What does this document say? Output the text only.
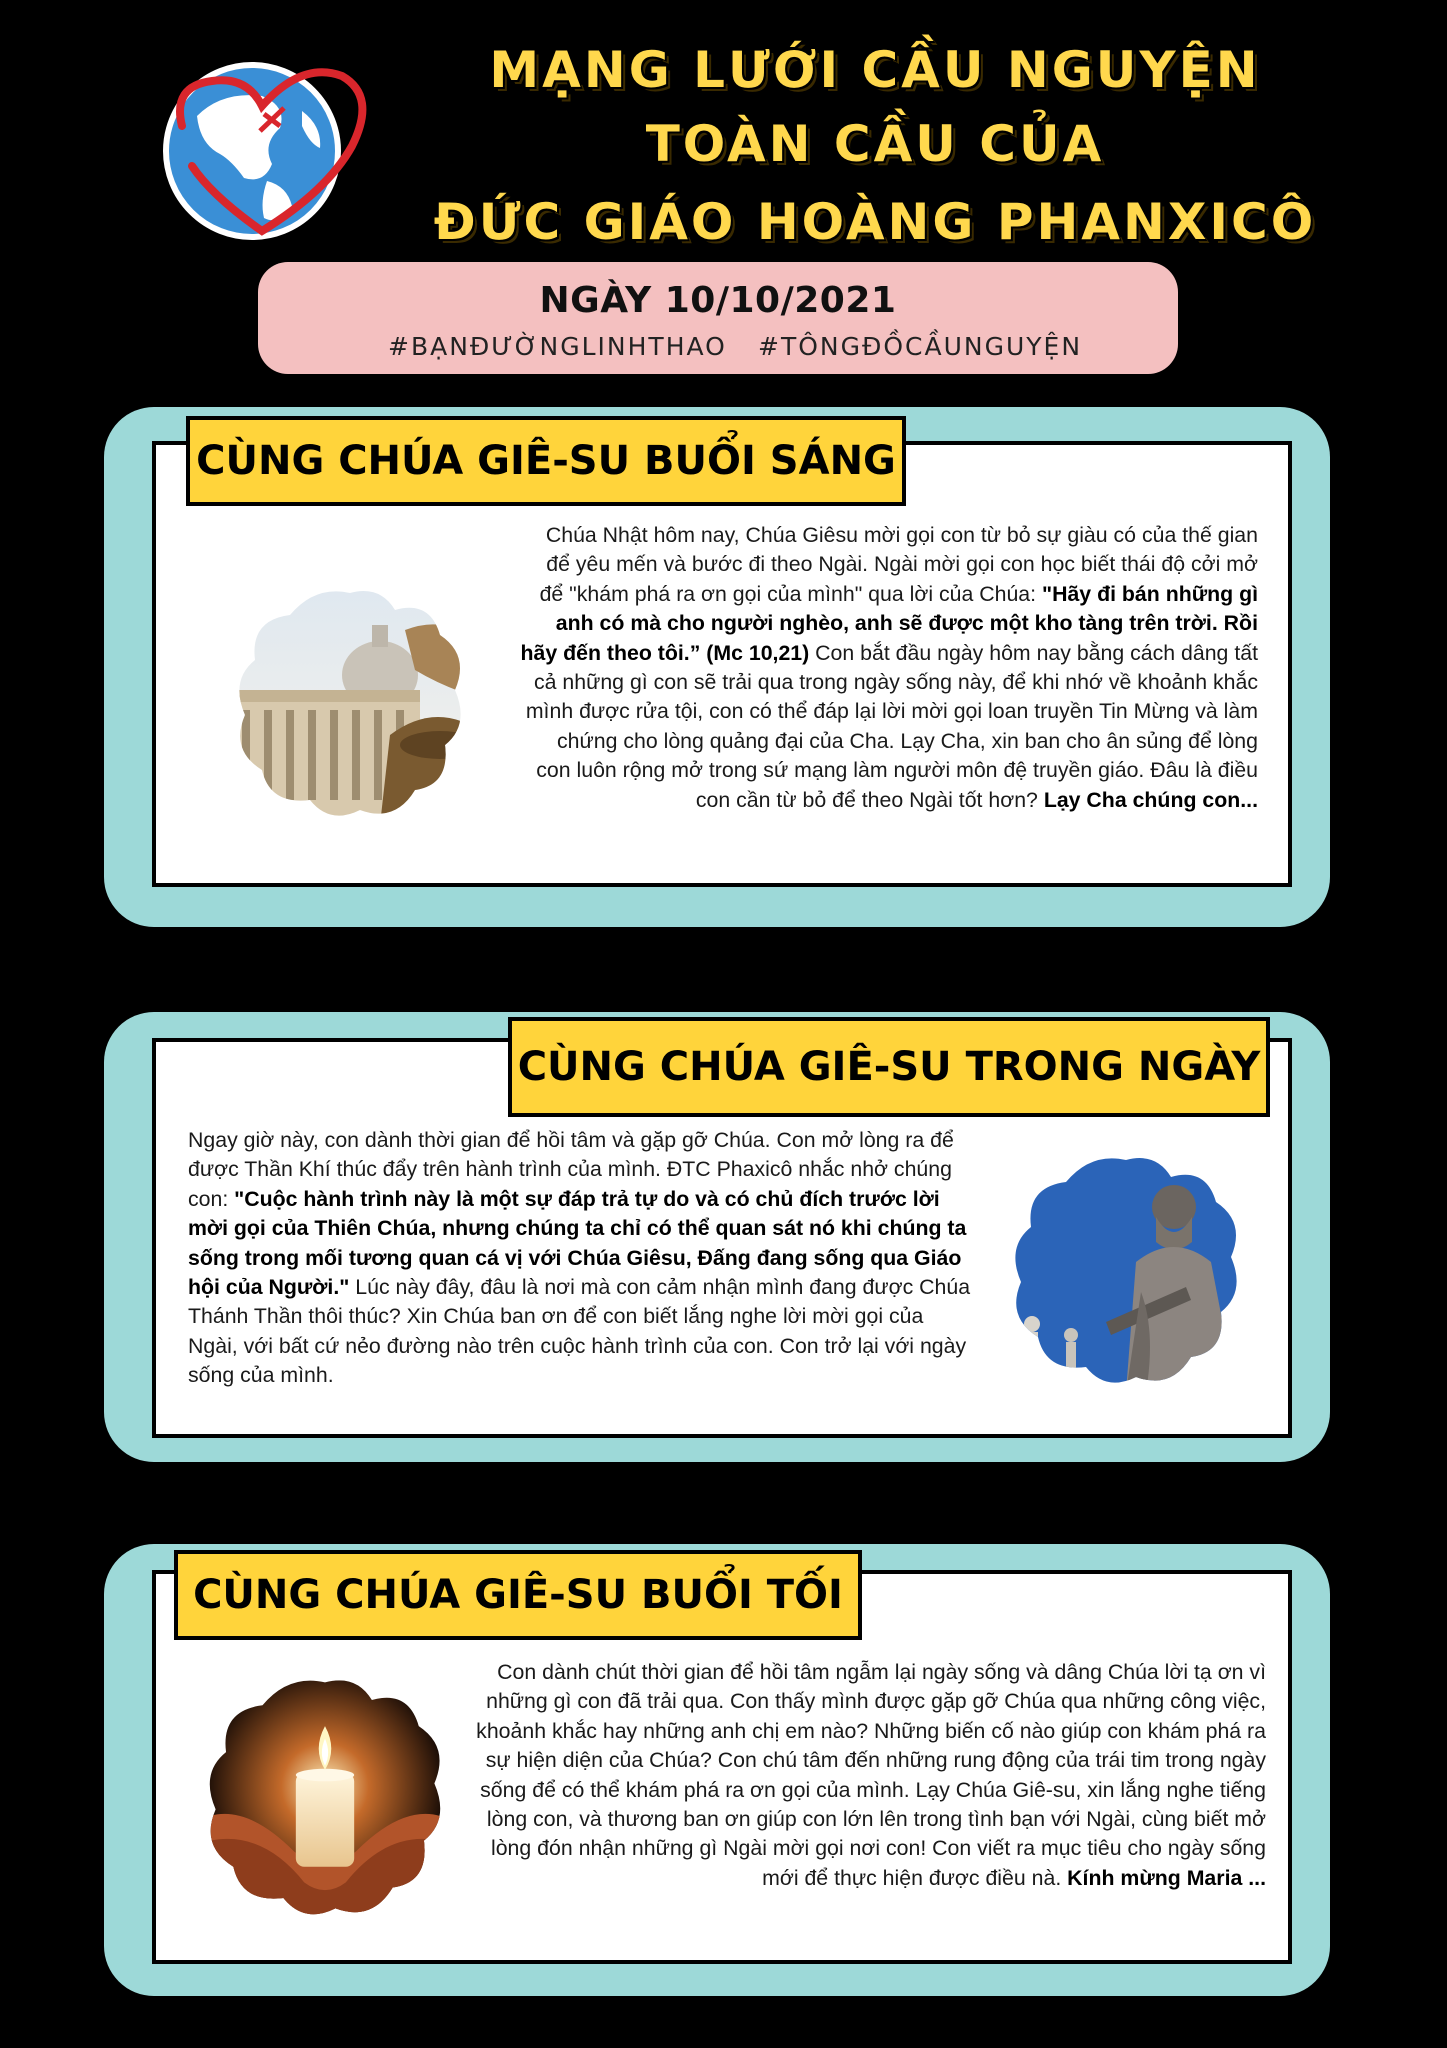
MẠNG LƯỚI CẦU NGUYỆN
TOÀN CẦU CỦA
ĐỨC GIÁO HOÀNG PHANXICÔ
NGÀY 10/10/2021
#BẠNĐƯỜNGLINHTHAO #TÔNGĐỒCẦUNGUYỆN
Chúa Nhật hôm nay, Chúa Giêsu mời gọi con từ bỏ sự giàu có của thế gian để yêu mến và bước đi theo Ngài. Ngài mời gọi con học biết thái độ cởi mở để "khám phá ra ơn gọi của mình" qua lời của Chúa: "Hãy đi bán những gì anh có mà cho người nghèo, anh sẽ được một kho tàng trên trời. Rồi hãy đến theo tôi.” (Mc 10,21) Con bắt đầu ngày hôm nay bằng cách dâng tất cả những gì con sẽ trải qua trong ngày sống này, để khi nhớ về khoảnh khắc mình được rửa tội, con có thể đáp lại lời mời gọi loan truyền Tin Mừng và làm chứng cho lòng quảng đại của Cha. Lạy Cha, xin ban cho ân sủng để lòng con luôn rộng mở trong sứ mạng làm người môn đệ truyền giáo. Đâu là điều con cần từ bỏ để theo Ngài tốt hơn? Lạy Cha chúng con...
CÙNG CHÚA GIÊ-SU BUỔI SÁNG
Ngay giờ này, con dành thời gian để hồi tâm và gặp gỡ Chúa. Con mở lòng ra để được Thần Khí thúc đẩy trên hành trình của mình. ĐTC Phaxicô nhắc nhở chúng con: "Cuộc hành trình này là một sự đáp trả tự do và có chủ đích trước lời mời gọi của Thiên Chúa, nhưng chúng ta chỉ có thể quan sát nó khi chúng ta sống trong mối tương quan cá vị với Chúa Giêsu, Đấng đang sống qua Giáo hội của Người." Lúc này đây, đâu là nơi mà con cảm nhận mình đang được Chúa Thánh Thần thôi thúc? Xin Chúa ban ơn để con biết lắng nghe lời mời gọi của Ngài, với bất cứ nẻo đường nào trên cuộc hành trình của con. Con trở lại với ngày sống của mình.
CÙNG CHÚA GIÊ-SU TRONG NGÀY
Con dành chút thời gian để hồi tâm ngẫm lại ngày sống và dâng Chúa lời tạ ơn vì những gì con đã trải qua. Con thấy mình được gặp gỡ Chúa qua những công việc, khoảnh khắc hay những anh chị em nào? Những biến cố nào giúp con khám phá ra sự hiện diện của Chúa? Con chú tâm đến những rung động của trái tim trong ngày sống để có thể khám phá ra ơn gọi của mình. Lạy Chúa Giê-su, xin lắng nghe tiếng lòng con, và thương ban ơn giúp con lớn lên trong tình bạn với Ngài, cùng biết mở lòng đón nhận những gì Ngài mời gọi nơi con! Con viết ra mục tiêu cho ngày sống mới để thực hiện được điều nà. Kính mừng Maria ...
CÙNG CHÚA GIÊ-SU BUỔI TỐI
